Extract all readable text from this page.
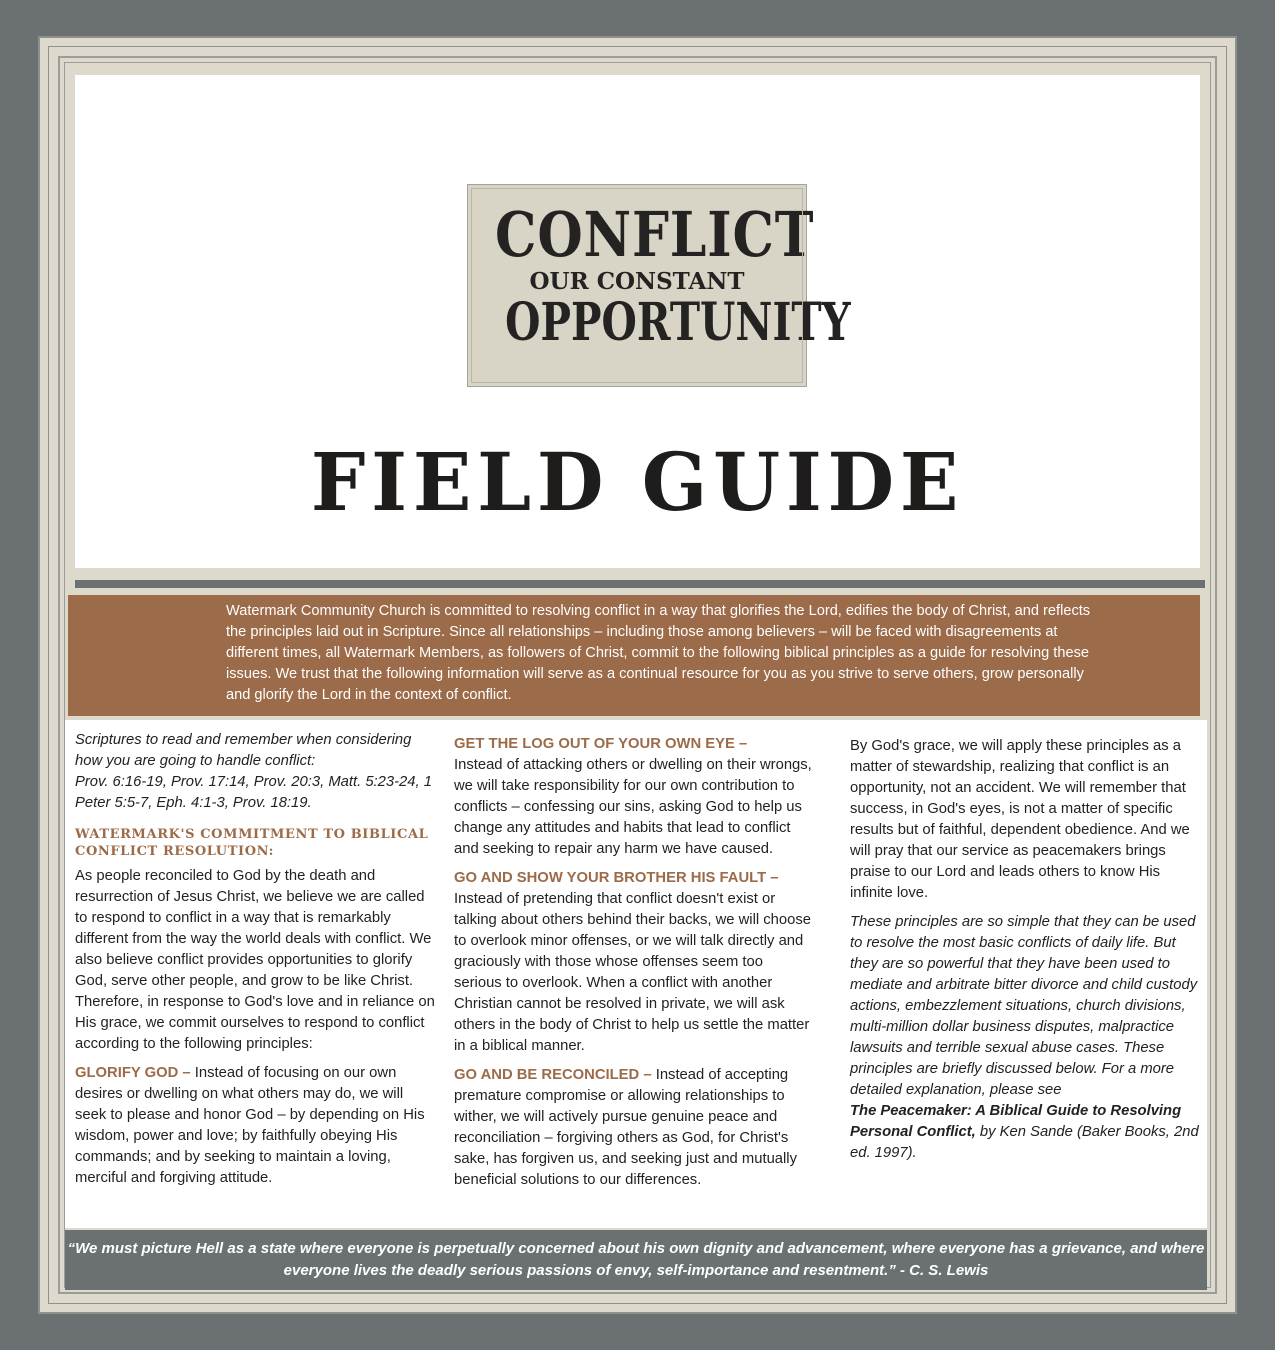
CONFLICT
OUR CONSTANT
OPPORTUNITY
FIELD GUIDE
Watermark Community Church is committed to resolving conflict in a way that glorifies the Lord, edifies the body of Christ, and reflects the principles laid out in Scripture. Since all relationships – including those among believers – will be faced with disagreements at different times, all Watermark Members, as followers of Christ, commit to the following biblical principles as a guide for resolving these issues. We trust that the following information will serve as a continual resource for you as you strive to serve others, grow personally and glorify the Lord in the context of conflict.

Scriptures to read and remember when considering how you are going to handle conflict:

Prov. 6:16-19, Prov. 17:14, Prov. 20:3, Matt. 5:23-24, 1 Peter 5:5-7, Eph. 4:1-3, Prov. 18:19.

WATERMARK'S COMMITMENT TO BIBLICAL CONFLICT RESOLUTION:

As people reconciled to God by the death and resurrection of Jesus Christ, we believe we are called to respond to conflict in a way that is remarkably different from the way the world deals with conflict. We also believe conflict provides opportunities to glorify God, serve other people, and grow to be like Christ. Therefore, in response to God's love and in reliance on His grace, we commit ourselves to respond to conflict according to the following principles:

GLORIFY GOD – Instead of focusing on our own desires or dwelling on what others may do, we will seek to please and honor God – by depending on His wisdom, power and love; by faithfully obeying His commands; and by seeking to maintain a loving, merciful and forgiving attitude.

GET THE LOG OUT OF YOUR OWN EYE –
Instead of attacking others or dwelling on their wrongs, we will take responsibility for our own contribution to conflicts – confessing our sins, asking God to help us change any attitudes and habits that lead to conflict and seeking to repair any harm we have caused.

GO AND SHOW YOUR BROTHER HIS FAULT –
Instead of pretending that conflict doesn't exist or talking about others behind their backs, we will choose to overlook minor offenses, or we will talk directly and graciously with those whose offenses seem too serious to overlook. When a conflict with another Christian cannot be resolved in private, we will ask others in the body of Christ to help us settle the matter in a biblical manner.

GO AND BE RECONCILED – Instead of accepting premature compromise or allowing relationships to wither, we will actively pursue genuine peace and reconciliation – forgiving others as God, for Christ's sake, has forgiven us, and seeking just and mutually beneficial solutions to our differences.

By God's grace, we will apply these principles as a matter of stewardship, realizing that conflict is an opportunity, not an accident. We will remember that success, in God's eyes, is not a matter of specific results but of faithful, dependent obedience. And we will pray that our service as peacemakers brings praise to our Lord and leads others to know His infinite love.

These principles are so simple that they can be used to resolve the most basic conflicts of daily life. But they are so powerful that they have been used to mediate and arbitrate bitter divorce and child custody actions, embezzlement situations, church divisions, multi-million dollar business disputes, malpractice lawsuits and terrible sexual abuse cases. These principles are briefly discussed below. For a more detailed explanation, please see
The Peacemaker: A Biblical Guide to Resolving Personal Conflict, by Ken Sande (Baker Books, 2nd ed. 1997).

“We must picture Hell as a state where everyone is perpetually concerned about his own dignity and advancement, where everyone has a grievance, and where everyone lives the deadly serious passions of envy, self-importance and resentment.” - C. S. Lewis
